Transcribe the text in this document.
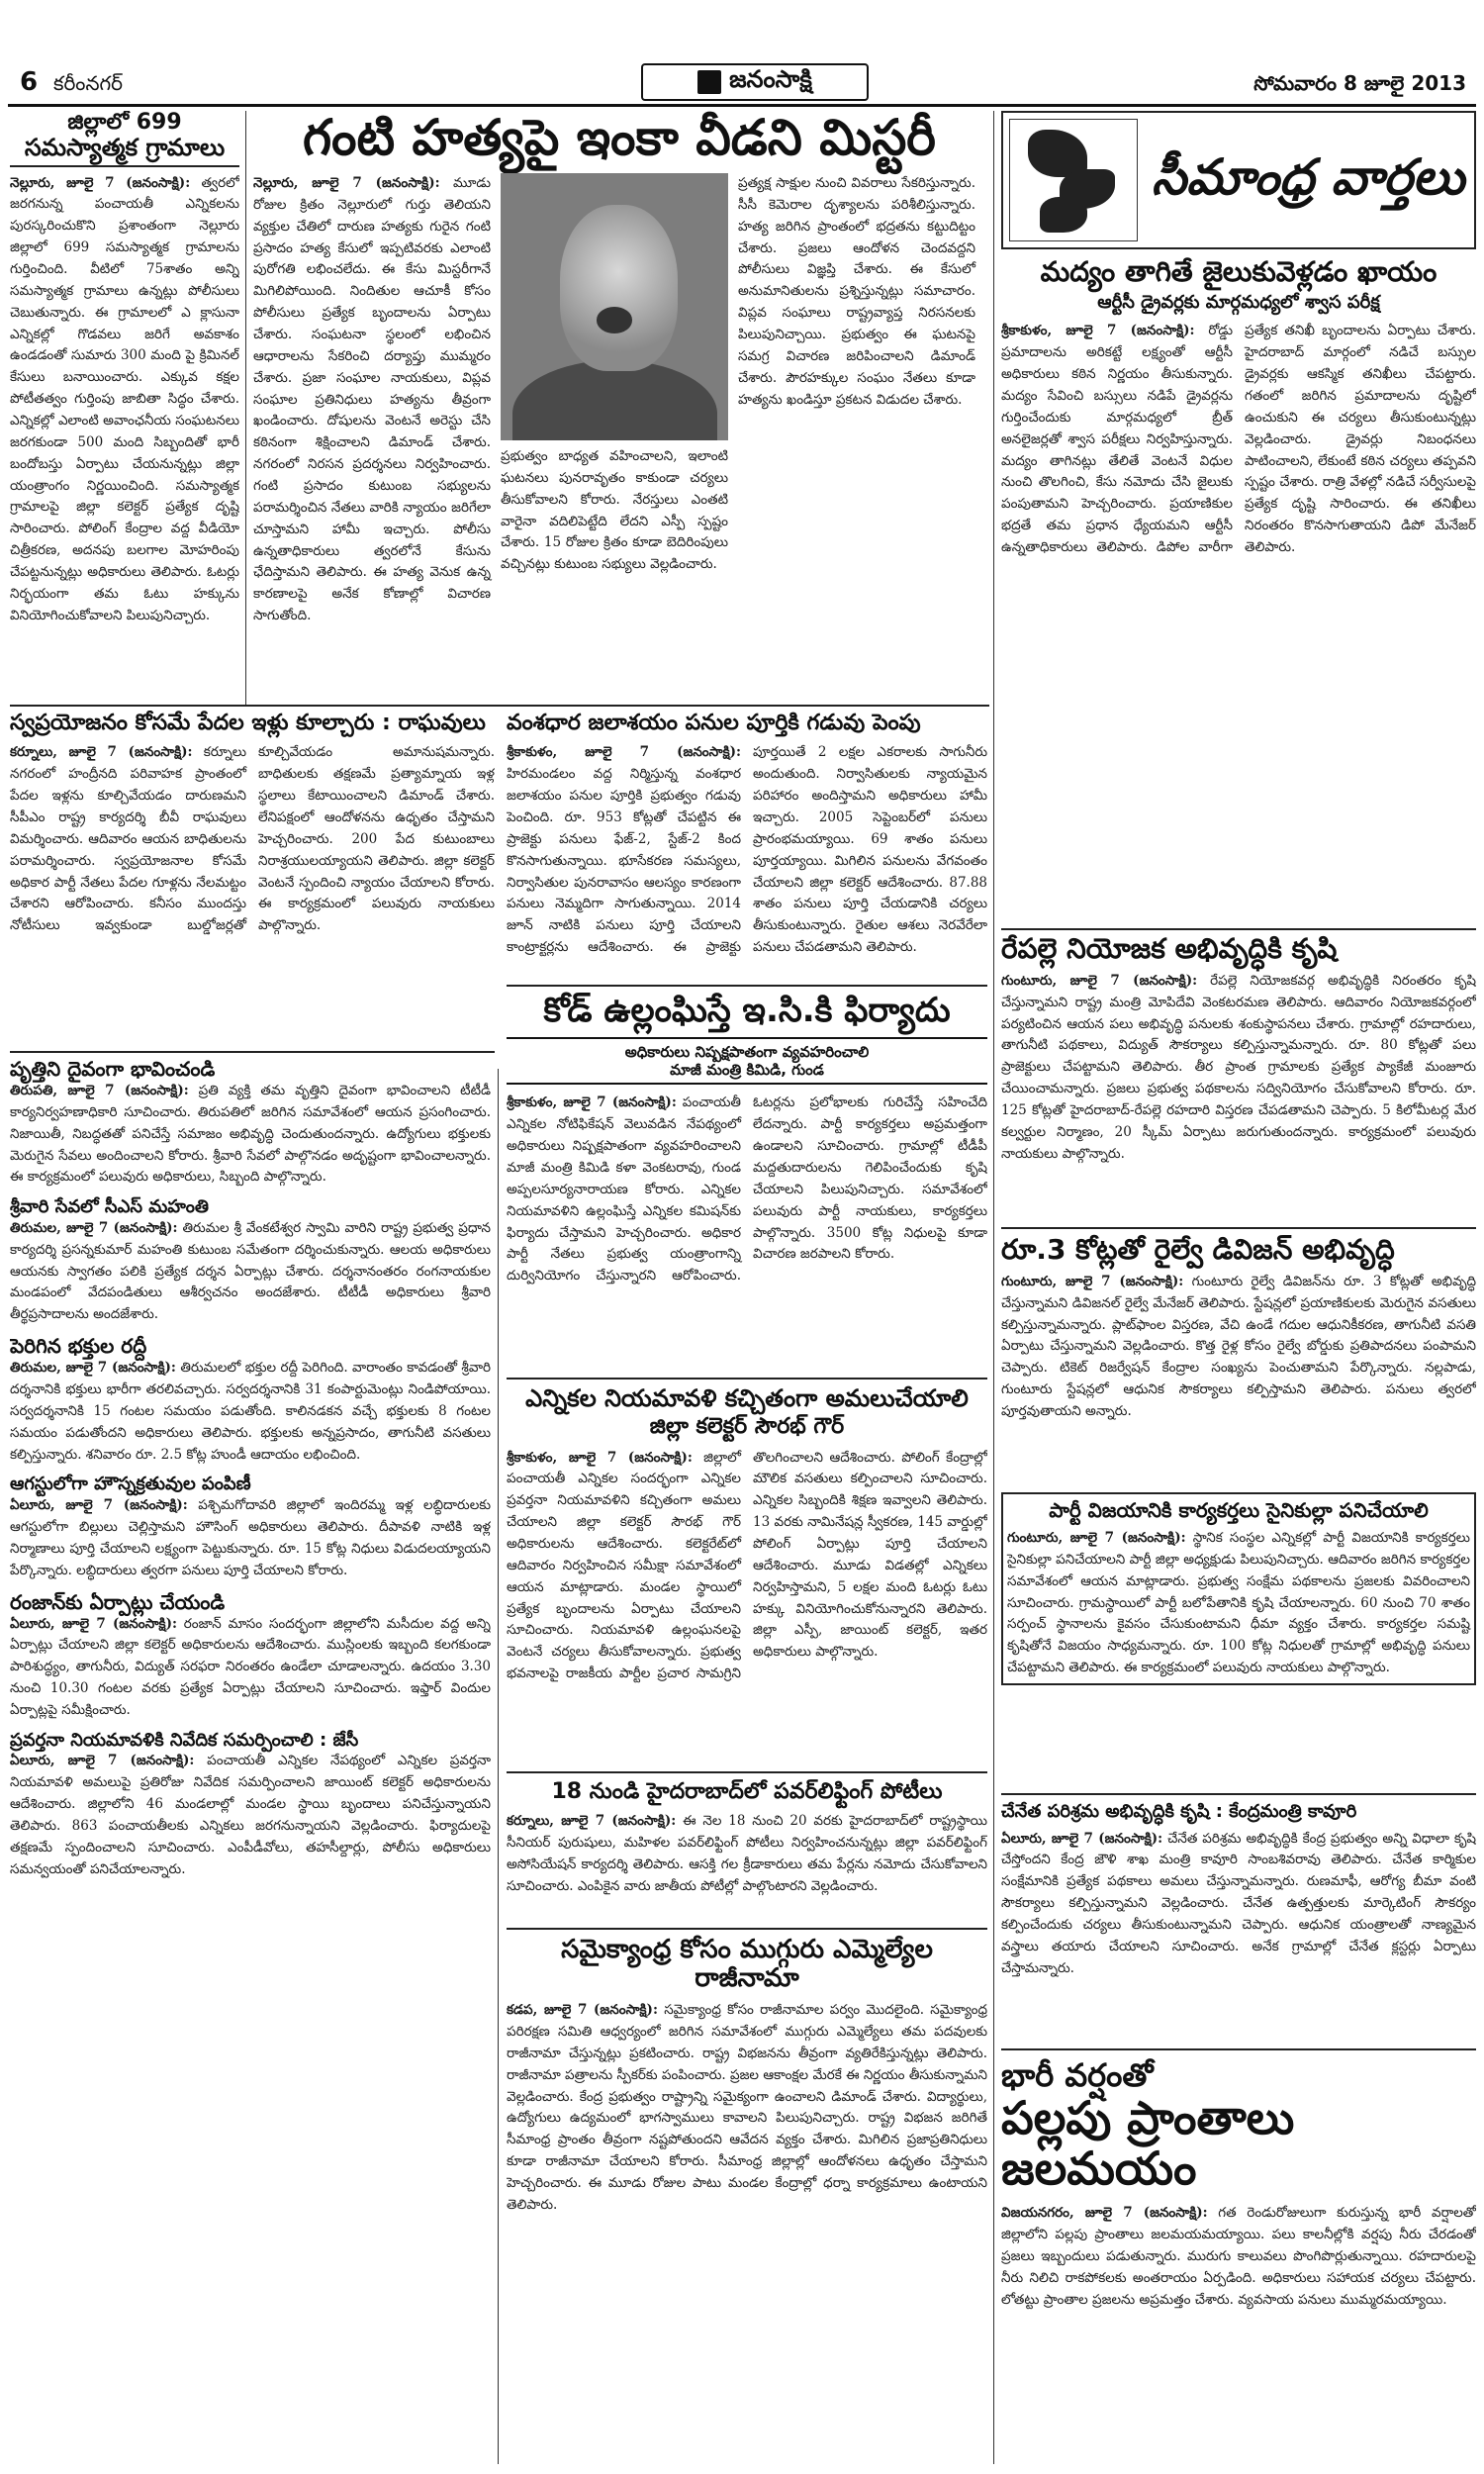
6 కరీంనగర్	జనంసాక్షి	సోమవారం 8 జూలై 2013
జిల్లాలో 699
సమస్యాత్మక గ్రామాలు
నెల్లూరు, జూలై 7 (జనంసాక్షి): త్వరలో జరగనున్న పంచాయతీ ఎన్నికలను పురస్కరించుకొని ప్రశాంతంగా నెల్లూరు జిల్లాలో 699 సమస్యాత్మక గ్రామాలను గుర్తించింది. వీటిలో 75శాతం అన్ని సమస్యాత్మక గ్రామాలు ఉన్నట్లు పోలీసులు చెబుతున్నారు. ఈ గ్రామాలలో ఎ క్లాసునా ఎన్నికల్లో గొడవలు జరిగే అవకాశం ఉండడంతో సుమారు 300 మంది పై క్రిమినల్ కేసులు బనాయించారు. ఎక్కువ కక్షల పోటీతత్వం గుర్తింపు జాబితా సిద్ధం చేశారు. ఎన్నికల్లో ఎలాంటి అవాంఛనీయ సంఘటనలు జరగకుండా 500 మంది సిబ్బందితో భారీ బందోబస్తు ఏర్పాటు చేయనున్నట్లు జిల్లా యంత్రాంగం నిర్ణయించింది. సమస్యాత్మక గ్రామాలపై జిల్లా కలెక్టర్ ప్రత్యేక దృష్టి సారించారు. పోలింగ్ కేంద్రాల వద్ద వీడియో చిత్రీకరణ, అదనపు బలగాల మోహరింపు చేపట్టనున్నట్లు అధికారులు తెలిపారు. ఓటర్లు నిర్భయంగా తమ ఓటు హక్కును వినియోగించుకోవాలని పిలుపునిచ్చారు.
గంటి హత్యపై ఇంకా వీడని మిస్టరీ
నెల్లూరు, జూలై 7 (జనంసాక్షి): మూడు రోజుల క్రితం నెల్లూరులో గుర్తు తెలియని వ్యక్తుల చేతిలో దారుణ హత్యకు గురైన గంటి ప్రసాదం హత్య కేసులో ఇప్పటివరకు ఎలాంటి పురోగతి లభించలేదు. ఈ కేసు మిస్టరీగానే మిగిలిపోయింది. నిందితుల ఆచూకీ కోసం పోలీసులు ప్రత్యేక బృందాలను ఏర్పాటు చేశారు. సంఘటనా స్థలంలో లభించిన ఆధారాలను సేకరించి దర్యాప్తు ముమ్మరం చేశారు. ప్రజా సంఘాల నాయకులు, విప్లవ సంఘాల ప్రతినిధులు హత్యను తీవ్రంగా ఖండించారు. దోషులను వెంటనే అరెస్టు చేసి కఠినంగా శిక్షించాలని డిమాండ్ చేశారు. నగరంలో నిరసన ప్రదర్శనలు నిర్వహించారు. గంటి ప్రసాదం కుటుంబ సభ్యులను పరామర్శించిన నేతలు వారికి న్యాయం జరిగేలా చూస్తామని హామీ ఇచ్చారు. పోలీసు ఉన్నతాధికారులు త్వరలోనే కేసును ఛేదిస్తామని తెలిపారు. ఈ హత్య వెనుక ఉన్న కారణాలపై అనేక కోణాల్లో విచారణ సాగుతోంది.
ప్రభుత్వం బాధ్యత వహించాలని, ఇలాంటి ఘటనలు పునరావృతం కాకుండా చర్యలు తీసుకోవాలని కోరారు. నేరస్తులు ఎంతటి వారైనా వదిలిపెట్టేది లేదని ఎస్పీ స్పష్టం చేశారు. 15 రోజుల క్రితం కూడా బెదిరింపులు వచ్చినట్లు కుటుంబ సభ్యులు వెల్లడించారు.
ప్రత్యక్ష సాక్షుల నుంచి వివరాలు సేకరిస్తున్నారు. సీసీ కెమెరాల దృశ్యాలను పరిశీలిస్తున్నారు. హత్య జరిగిన ప్రాంతంలో భద్రతను కట్టుదిట్టం చేశారు. ప్రజలు ఆందోళన చెందవద్దని పోలీసులు విజ్ఞప్తి చేశారు. ఈ కేసులో అనుమానితులను ప్రశ్నిస్తున్నట్లు సమాచారం. విప్లవ సంఘాలు రాష్ట్రవ్యాప్త నిరసనలకు పిలుపునిచ్చాయి. ప్రభుత్వం ఈ ఘటనపై సమగ్ర విచారణ జరిపించాలని డిమాండ్ చేశారు. పౌరహక్కుల సంఘం నేతలు కూడా హత్యను ఖండిస్తూ ప్రకటన విడుదల చేశారు.
సీమాంధ్ర వార్తలు
మద్యం తాగితే జైలుకువెళ్లడం ఖాయం
ఆర్టీసీ డ్రైవర్లకు మార్గమధ్యలో శ్వాస పరీక్ష
శ్రీకాకుళం, జూలై 7 (జనంసాక్షి): రోడ్డు ప్రమాదాలను అరికట్టే లక్ష్యంతో ఆర్టీసీ అధికారులు కఠిన నిర్ణయం తీసుకున్నారు. మద్యం సేవించి బస్సులు నడిపే డ్రైవర్లను గుర్తించేందుకు మార్గమధ్యలో బ్రీత్ అనలైజర్లతో శ్వాస పరీక్షలు నిర్వహిస్తున్నారు. మద్యం తాగినట్లు తేలితే వెంటనే విధుల నుంచి తొలగించి, కేసు నమోదు చేసి జైలుకు పంపుతామని హెచ్చరించారు. ప్రయాణికుల భద్రతే తమ ప్రధాన ధ్యేయమని ఆర్టీసీ ఉన్నతాధికారులు తెలిపారు. డిపోల వారీగా ప్రత్యేక తనిఖీ బృందాలను ఏర్పాటు చేశారు. హైదరాబాద్ మార్గంలో నడిచే బస్సుల డ్రైవర్లకు ఆకస్మిక తనిఖీలు చేపట్టారు. గతంలో జరిగిన ప్రమాదాలను దృష్టిలో ఉంచుకుని ఈ చర్యలు తీసుకుంటున్నట్లు వెల్లడించారు. డ్రైవర్లు నిబంధనలు పాటించాలని, లేకుంటే కఠిన చర్యలు తప్పవని స్పష్టం చేశారు. రాత్రి వేళల్లో నడిచే సర్వీసులపై ప్రత్యేక దృష్టి సారించారు. ఈ తనిఖీలు నిరంతరం కొనసాగుతాయని డిపో మేనేజర్ తెలిపారు.
స్వప్రయోజనం కోసమే పేదల ఇళ్లు కూల్చారు : రాఘవులు
కర్నూలు, జూలై 7 (జనంసాక్షి): కర్నూలు నగరంలో హంద్రీనది పరివాహక ప్రాంతంలో పేదల ఇళ్లను కూల్చివేయడం దారుణమని సీపీఎం రాష్ట్ర కార్యదర్శి బీవీ రాఘవులు విమర్శించారు. ఆదివారం ఆయన బాధితులను పరామర్శించారు. స్వప్రయోజనాల కోసమే అధికార పార్టీ నేతలు పేదల గూళ్లను నేలమట్టం చేశారని ఆరోపించారు. కనీసం ముందస్తు నోటీసులు ఇవ్వకుండా బుల్డోజర్లతో కూల్చివేయడం అమానుషమన్నారు. బాధితులకు తక్షణమే ప్రత్యామ్నాయ ఇళ్ల స్థలాలు కేటాయించాలని డిమాండ్ చేశారు. లేనిపక్షంలో ఆందోళనను ఉధృతం చేస్తామని హెచ్చరించారు. 200 పేద కుటుంబాలు నిరాశ్రయులయ్యాయని తెలిపారు. జిల్లా కలెక్టర్ వెంటనే స్పందించి న్యాయం చేయాలని కోరారు. ఈ కార్యక్రమంలో పలువురు నాయకులు పాల్గొన్నారు.
వంశధార జలాశయం పనుల పూర్తికి గడువు పెంపు
శ్రీకాకుళం, జూలై 7 (జనంసాక్షి): హిరమండలం వద్ద నిర్మిస్తున్న వంశధార జలాశయం పనుల పూర్తికి ప్రభుత్వం గడువు పెంచింది. రూ. 953 కోట్లతో చేపట్టిన ఈ ప్రాజెక్టు పనులు ఫేజ్-2, స్టేజ్-2 కింద కొనసాగుతున్నాయి. భూసేకరణ సమస్యలు, నిర్వాసితుల పునరావాసం ఆలస్యం కారణంగా పనులు నెమ్మదిగా సాగుతున్నాయి. 2014 జూన్ నాటికి పనులు పూర్తి చేయాలని కాంట్రాక్టర్లను ఆదేశించారు. ఈ ప్రాజెక్టు పూర్తయితే 2 లక్షల ఎకరాలకు సాగునీరు అందుతుంది. నిర్వాసితులకు న్యాయమైన పరిహారం అందిస్తామని అధికారులు హామీ ఇచ్చారు. 2005 సెప్టెంబర్‌లో పనులు ప్రారంభమయ్యాయి. 69 శాతం పనులు పూర్తయ్యాయి. మిగిలిన పనులను వేగవంతం చేయాలని జిల్లా కలెక్టర్ ఆదేశించారు. 87.88 శాతం పనులు పూర్తి చేయడానికి చర్యలు తీసుకుంటున్నారు. రైతుల ఆశలు నెరవేరేలా పనులు చేపడతామని తెలిపారు.
కోడ్ ఉల్లంఘిస్తే ఇ.సి.కి ఫిర్యాదు
అధికారులు నిష్పక్షపాతంగా వ్యవహరించాలి
మాజీ మంత్రి కిమిడి, గుండ
శ్రీకాకుళం, జూలై 7 (జనంసాక్షి): పంచాయతీ ఎన్నికల నోటిఫికేషన్ వెలువడిన నేపథ్యంలో అధికారులు నిష్పక్షపాతంగా వ్యవహరించాలని మాజీ మంత్రి కిమిడి కళా వెంకటరావు, గుండ అప్పలసూర్యనారాయణ కోరారు. ఎన్నికల నియమావళిని ఉల్లంఘిస్తే ఎన్నికల కమిషన్‌కు ఫిర్యాదు చేస్తామని హెచ్చరించారు. అధికార పార్టీ నేతలు ప్రభుత్వ యంత్రాంగాన్ని దుర్వినియోగం చేస్తున్నారని ఆరోపించారు. ఓటర్లను ప్రలోభాలకు గురిచేస్తే సహించేది లేదన్నారు. పార్టీ కార్యకర్తలు అప్రమత్తంగా ఉండాలని సూచించారు. గ్రామాల్లో టీడీపీ మద్దతుదారులను గెలిపించేందుకు కృషి చేయాలని పిలుపునిచ్చారు. సమావేశంలో పలువురు పార్టీ నాయకులు, కార్యకర్తలు పాల్గొన్నారు. 3500 కోట్ల నిధులపై కూడా విచారణ జరపాలని కోరారు.
ఎన్నికల నియమావళి కచ్చితంగా అమలుచేయాలి
జిల్లా కలెక్టర్ సౌరభ్ గౌర్
శ్రీకాకుళం, జూలై 7 (జనంసాక్షి): జిల్లాలో పంచాయతీ ఎన్నికల సందర్భంగా ఎన్నికల ప్రవర్తనా నియమావళిని కచ్చితంగా అమలు చేయాలని జిల్లా కలెక్టర్ సౌరభ్ గౌర్ అధికారులను ఆదేశించారు. కలెక్టరేట్‌లో ఆదివారం నిర్వహించిన సమీక్షా సమావేశంలో ఆయన మాట్లాడారు. మండల స్థాయిలో ప్రత్యేక బృందాలను ఏర్పాటు చేయాలని సూచించారు. నియమావళి ఉల్లంఘనలపై వెంటనే చర్యలు తీసుకోవాలన్నారు. ప్రభుత్వ భవనాలపై రాజకీయ పార్టీల ప్రచార సామగ్రిని తొలగించాలని ఆదేశించారు. పోలింగ్ కేంద్రాల్లో మౌలిక వసతులు కల్పించాలని సూచించారు. ఎన్నికల సిబ్బందికి శిక్షణ ఇవ్వాలని తెలిపారు. 13 వరకు నామినేషన్ల స్వీకరణ, 145 వార్డుల్లో పోలింగ్ ఏర్పాట్లు పూర్తి చేయాలని ఆదేశించారు. మూడు విడతల్లో ఎన్నికలు నిర్వహిస్తామని, 5 లక్షల మంది ఓటర్లు ఓటు హక్కు వినియోగించుకోనున్నారని తెలిపారు. జిల్లా ఎస్పీ, జాయింట్ కలెక్టర్, ఇతర అధికారులు పాల్గొన్నారు.
18 నుండి హైదరాబాద్‌లో పవర్‌లిఫ్టింగ్ పోటీలు
కర్నూలు, జూలై 7 (జనంసాక్షి): ఈ నెల 18 నుంచి 20 వరకు హైదరాబాద్‌లో రాష్ట్రస్థాయి సీనియర్ పురుషులు, మహిళల పవర్‌లిఫ్టింగ్ పోటీలు నిర్వహించనున్నట్లు జిల్లా పవర్‌లిఫ్టింగ్ అసోసియేషన్ కార్యదర్శి తెలిపారు. ఆసక్తి గల క్రీడాకారులు తమ పేర్లను నమోదు చేసుకోవాలని సూచించారు. ఎంపికైన వారు జాతీయ పోటీల్లో పాల్గొంటారని వెల్లడించారు.
సమైక్యాంధ్ర కోసం ముగ్గురు ఎమ్మెల్యేల రాజీనామా
కడప, జూలై 7 (జనంసాక్షి): సమైక్యాంధ్ర కోసం రాజీనామాల పర్వం మొదలైంది. సమైక్యాంధ్ర పరిరక్షణ సమితి ఆధ్వర్యంలో జరిగిన సమావేశంలో ముగ్గురు ఎమ్మెల్యేలు తమ పదవులకు రాజీనామా చేస్తున్నట్లు ప్రకటించారు. రాష్ట్ర విభజనను తీవ్రంగా వ్యతిరేకిస్తున్నట్లు తెలిపారు. రాజీనామా పత్రాలను స్పీకర్‌కు పంపించారు. ప్రజల ఆకాంక్షల మేరకే ఈ నిర్ణయం తీసుకున్నామని వెల్లడించారు. కేంద్ర ప్రభుత్వం రాష్ట్రాన్ని సమైక్యంగా ఉంచాలని డిమాండ్ చేశారు. విద్యార్థులు, ఉద్యోగులు ఉద్యమంలో భాగస్వాములు కావాలని పిలుపునిచ్చారు. రాష్ట్ర విభజన జరిగితే సీమాంధ్ర ప్రాంతం తీవ్రంగా నష్టపోతుందని ఆవేదన వ్యక్తం చేశారు. మిగిలిన ప్రజాప్రతినిధులు కూడా రాజీనామా చేయాలని కోరారు. సీమాంధ్ర జిల్లాల్లో ఆందోళనలు ఉధృతం చేస్తామని హెచ్చరించారు. ఈ మూడు రోజుల పాటు మండల కేంద్రాల్లో ధర్నా కార్యక్రమాలు ఉంటాయని తెలిపారు.
పృత్తిని దైవంగా భావించండి
తిరుపతి, జూలై 7 (జనంసాక్షి): ప్రతి వ్యక్తి తమ వృత్తిని దైవంగా భావించాలని టీటీడీ కార్యనిర్వహణాధికారి సూచించారు. తిరుపతిలో జరిగిన సమావేశంలో ఆయన ప్రసంగించారు. నిజాయితీ, నిబద్ధతతో పనిచేస్తే సమాజం అభివృద్ధి చెందుతుందన్నారు. ఉద్యోగులు భక్తులకు మెరుగైన సేవలు అందించాలని కోరారు. శ్రీవారి సేవలో పాల్గొనడం అదృష్టంగా భావించాలన్నారు. ఈ కార్యక్రమంలో పలువురు అధికారులు, సిబ్బంది పాల్గొన్నారు.
శ్రీవారి సేవలో సీఎస్ మహంతి
తిరుమల, జూలై 7 (జనంసాక్షి): తిరుమల శ్రీ వేంకటేశ్వర స్వామి వారిని రాష్ట్ర ప్రభుత్వ ప్రధాన కార్యదర్శి ప్రసన్నకుమార్ మహంతి కుటుంబ సమేతంగా దర్శించుకున్నారు. ఆలయ అధికారులు ఆయనకు స్వాగతం పలికి ప్రత్యేక దర్శన ఏర్పాట్లు చేశారు. దర్శనానంతరం రంగనాయకుల మండపంలో వేదపండితులు ఆశీర్వచనం అందజేశారు. టీటీడీ అధికారులు శ్రీవారి తీర్థప్రసాదాలను అందజేశారు.
పెరిగిన భక్తుల రద్దీ
తిరుమల, జూలై 7 (జనంసాక్షి): తిరుమలలో భక్తుల రద్దీ పెరిగింది. వారాంతం కావడంతో శ్రీవారి దర్శనానికి భక్తులు భారీగా తరలివచ్చారు. సర్వదర్శనానికి 31 కంపార్టుమెంట్లు నిండిపోయాయి. సర్వదర్శనానికి 15 గంటల సమయం పడుతోంది. కాలినడకన వచ్చే భక్తులకు 8 గంటల సమయం పడుతోందని అధికారులు తెలిపారు. భక్తులకు అన్నప్రసాదం, తాగునీటి వసతులు కల్పిస్తున్నారు. శనివారం రూ. 2.5 కోట్ల హుండీ ఆదాయం లభించింది.
ఆగస్టులోగా హౌస్నక్రతువుల పంపిణీ
ఏలూరు, జూలై 7 (జనంసాక్షి): పశ్చిమగోదావరి జిల్లాలో ఇందిరమ్మ ఇళ్ల లబ్ధిదారులకు ఆగస్టులోగా బిల్లులు చెల్లిస్తామని హౌసింగ్ అధికారులు తెలిపారు. దీపావళి నాటికి ఇళ్ల నిర్మాణాలు పూర్తి చేయాలని లక్ష్యంగా పెట్టుకున్నారు. రూ. 15 కోట్ల నిధులు విడుదలయ్యాయని పేర్కొన్నారు. లబ్ధిదారులు త్వరగా పనులు పూర్తి చేయాలని కోరారు.
రంజాన్‌కు ఏర్పాట్లు చేయండి
ఏలూరు, జూలై 7 (జనంసాక్షి): రంజాన్ మాసం సందర్భంగా జిల్లాలోని మసీదుల వద్ద అన్ని ఏర్పాట్లు చేయాలని జిల్లా కలెక్టర్ అధికారులను ఆదేశించారు. ముస్లింలకు ఇబ్బంది కలగకుండా పారిశుద్ధ్యం, తాగునీరు, విద్యుత్ సరఫరా నిరంతరం ఉండేలా చూడాలన్నారు. ఉదయం 3.30 నుంచి 10.30 గంటల వరకు ప్రత్యేక ఏర్పాట్లు చేయాలని సూచించారు. ఇఫ్తార్ విందుల ఏర్పాట్లపై సమీక్షించారు.
ప్రవర్తనా నియమావళికి నివేదిక సమర్పించాలి : జేసీ
ఏలూరు, జూలై 7 (జనంసాక్షి): పంచాయతీ ఎన్నికల నేపథ్యంలో ఎన్నికల ప్రవర్తనా నియమావళి అమలుపై ప్రతిరోజు నివేదిక సమర్పించాలని జాయింట్ కలెక్టర్ అధికారులను ఆదేశించారు. జిల్లాలోని 46 మండలాల్లో మండల స్థాయి బృందాలు పనిచేస్తున్నాయని తెలిపారు. 863 పంచాయతీలకు ఎన్నికలు జరగనున్నాయని వెల్లడించారు. ఫిర్యాదులపై తక్షణమే స్పందించాలని సూచించారు. ఎంపీడీవోలు, తహసీల్దార్లు, పోలీసు అధికారులు సమన్వయంతో పనిచేయాలన్నారు.
రేపల్లె నియోజక అభివృద్ధికి కృషి
గుంటూరు, జూలై 7 (జనంసాక్షి): రేపల్లె నియోజకవర్గ అభివృద్ధికి నిరంతరం కృషి చేస్తున్నామని రాష్ట్ర మంత్రి మోపిదేవి వెంకటరమణ తెలిపారు. ఆదివారం నియోజకవర్గంలో పర్యటించిన ఆయన పలు అభివృద్ధి పనులకు శంకుస్థాపనలు చేశారు. గ్రామాల్లో రహదారులు, తాగునీటి పథకాలు, విద్యుత్ సౌకర్యాలు కల్పిస్తున్నామన్నారు. రూ. 80 కోట్లతో పలు ప్రాజెక్టులు చేపట్టామని తెలిపారు. తీర ప్రాంత గ్రామాలకు ప్రత్యేక ప్యాకేజీ మంజూరు చేయించామన్నారు. ప్రజలు ప్రభుత్వ పథకాలను సద్వినియోగం చేసుకోవాలని కోరారు. రూ. 125 కోట్లతో హైదరాబాద్-రేపల్లె రహదారి విస్తరణ చేపడతామని చెప్పారు. 5 కిలోమీటర్ల మేర కల్వర్టుల నిర్మాణం, 20 స్కీమ్ ఏర్పాటు జరుగుతుందన్నారు. కార్యక్రమంలో పలువురు నాయకులు పాల్గొన్నారు.
రూ.3 కోట్లతో రైల్వే డివిజన్ అభివృద్ధి
గుంటూరు, జూలై 7 (జనంసాక్షి): గుంటూరు రైల్వే డివిజన్‌ను రూ. 3 కోట్లతో అభివృద్ధి చేస్తున్నామని డివిజనల్ రైల్వే మేనేజర్ తెలిపారు. స్టేషన్లలో ప్రయాణికులకు మెరుగైన వసతులు కల్పిస్తున్నామన్నారు. ప్లాట్‌ఫాంల విస్తరణ, వేచి ఉండే గదుల ఆధునికీకరణ, తాగునీటి వసతి ఏర్పాటు చేస్తున్నామని వెల్లడించారు. కొత్త రైళ్ల కోసం రైల్వే బోర్డుకు ప్రతిపాదనలు పంపామని చెప్పారు. టికెట్ రిజర్వేషన్ కేంద్రాల సంఖ్యను పెంచుతామని పేర్కొన్నారు. నల్లపాడు, గుంటూరు స్టేషన్లలో ఆధునిక సౌకర్యాలు కల్పిస్తామని తెలిపారు. పనులు త్వరలో పూర్తవుతాయని అన్నారు.
పార్టీ విజయానికి కార్యకర్తలు సైనికుల్లా పనిచేయాలి
గుంటూరు, జూలై 7 (జనంసాక్షి): స్థానిక సంస్థల ఎన్నికల్లో పార్టీ విజయానికి కార్యకర్తలు సైనికుల్లా పనిచేయాలని పార్టీ జిల్లా అధ్యక్షుడు పిలుపునిచ్చారు. ఆదివారం జరిగిన కార్యకర్తల సమావేశంలో ఆయన మాట్లాడారు. ప్రభుత్వ సంక్షేమ పథకాలను ప్రజలకు వివరించాలని సూచించారు. గ్రామస్థాయిలో పార్టీ బలోపేతానికి కృషి చేయాలన్నారు. 60 నుంచి 70 శాతం సర్పంచ్ స్థానాలను కైవసం చేసుకుంటామని ధీమా వ్యక్తం చేశారు. కార్యకర్తల సమష్టి కృషితోనే విజయం సాధ్యమన్నారు. రూ. 100 కోట్ల నిధులతో గ్రామాల్లో అభివృద్ధి పనులు చేపట్టామని తెలిపారు. ఈ కార్యక్రమంలో పలువురు నాయకులు పాల్గొన్నారు.
చేనేత పరిశ్రమ అభివృద్ధికి కృషి : కేంద్రమంత్రి కావూరి
ఏలూరు, జూలై 7 (జనంసాక్షి): చేనేత పరిశ్రమ అభివృద్ధికి కేంద్ర ప్రభుత్వం అన్ని విధాలా కృషి చేస్తోందని కేంద్ర జౌళి శాఖ మంత్రి కావూరి సాంబశివరావు తెలిపారు. చేనేత కార్మికుల సంక్షేమానికి ప్రత్యేక పథకాలు అమలు చేస్తున్నామన్నారు. రుణమాఫీ, ఆరోగ్య బీమా వంటి సౌకర్యాలు కల్పిస్తున్నామని వెల్లడించారు. చేనేత ఉత్పత్తులకు మార్కెటింగ్ సౌకర్యం కల్పించేందుకు చర్యలు తీసుకుంటున్నామని చెప్పారు. ఆధునిక యంత్రాలతో నాణ్యమైన వస్త్రాలు తయారు చేయాలని సూచించారు. అనేక గ్రామాల్లో చేనేత క్లస్టర్లు ఏర్పాటు చేస్తామన్నారు.
భారీ వర్షంతో
పల్లపు ప్రాంతాలు జలమయం
విజయనగరం, జూలై 7 (జనంసాక్షి): గత రెండురోజులుగా కురుస్తున్న భారీ వర్షాలతో జిల్లాలోని పల్లపు ప్రాంతాలు జలమయమయ్యాయి. పలు కాలనీల్లోకి వర్షపు నీరు చేరడంతో ప్రజలు ఇబ్బందులు పడుతున్నారు. మురుగు కాలువలు పొంగిపొర్లుతున్నాయి. రహదారులపై నీరు నిలిచి రాకపోకలకు అంతరాయం ఏర్పడింది. అధికారులు సహాయక చర్యలు చేపట్టారు. లోతట్టు ప్రాంతాల ప్రజలను అప్రమత్తం చేశారు. వ్యవసాయ పనులు ముమ్మరమయ్యాయి.
